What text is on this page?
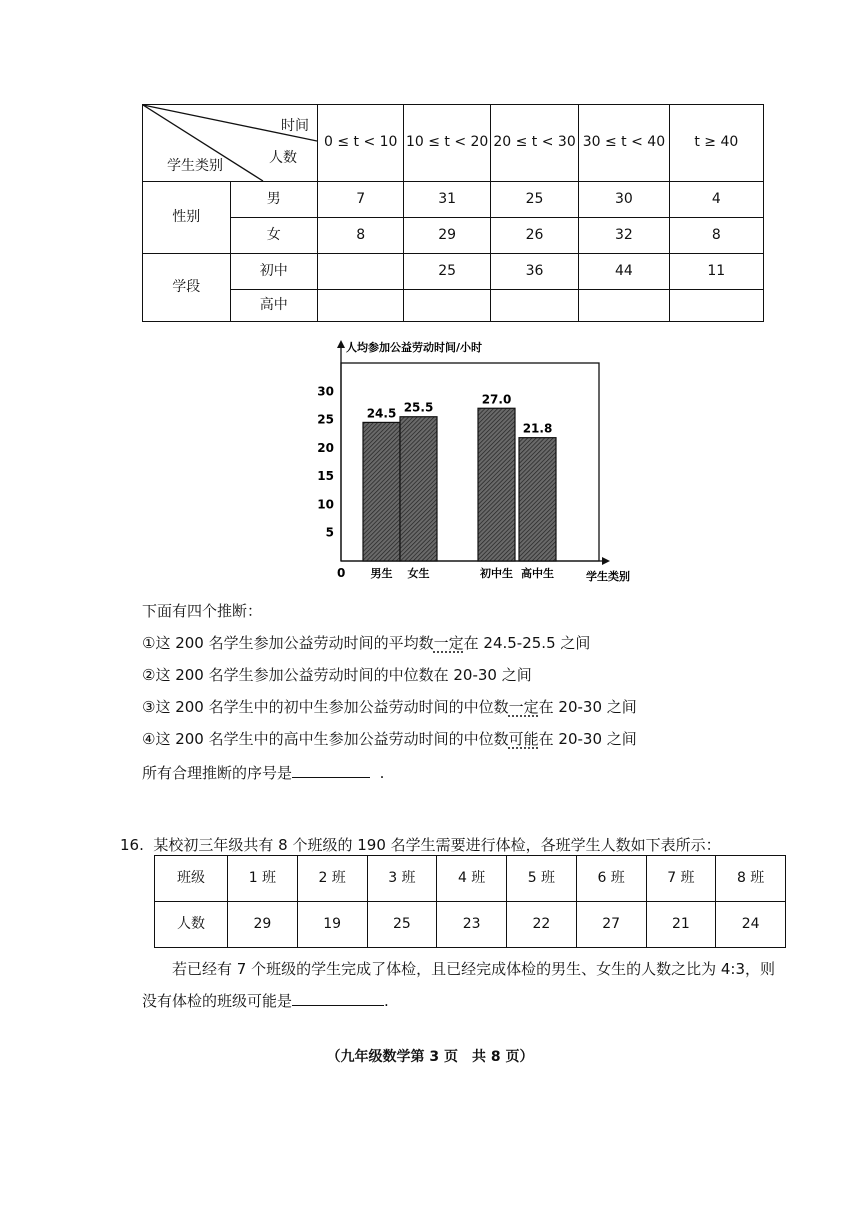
时间
人数
学生类别		0 ≤ t < 10	10 ≤ t < 20	20 ≤ t < 30	30 ≤ t < 40	t ≥ 40
性别	男	7	31	25	30	4
	女	8	29	26	32	8
学段	初中		25	36	44	11
	高中					
人均参加公益劳动时间/小时
0
5
10
15
20
25
30
24.5
男生
25.5
女生
27.0
初中生
21.8
高中生	学生类别
下面有四个推断：
①这 200 名学生参加公益劳动时间的平均数一定在 24.5-25.5 之间
②这 200 名学生参加公益劳动时间的中位数在 20-30 之间
③这 200 名学生中的初中生参加公益劳动时间的中位数一定在 20-30 之间
④这 200 名学生中的高中生参加公益劳动时间的中位数可能在 20-30 之间
所有合理推断的序号是	.
16. 某校初三年级共有 8 个班级的 190 名学生需要进行体检，各班学生人数如下表所示：
班级	1 班	2 班	3 班	4 班	5 班	6 班	7 班	8 班
人数	29	19	25	23	22	27	21	24
若已经有 7 个班级的学生完成了体检，且已经完成体检的男生、女生的人数之比为 4:3，则
没有体检的班级可能是	.
（九年级数学第 3 页　共 8 页）
